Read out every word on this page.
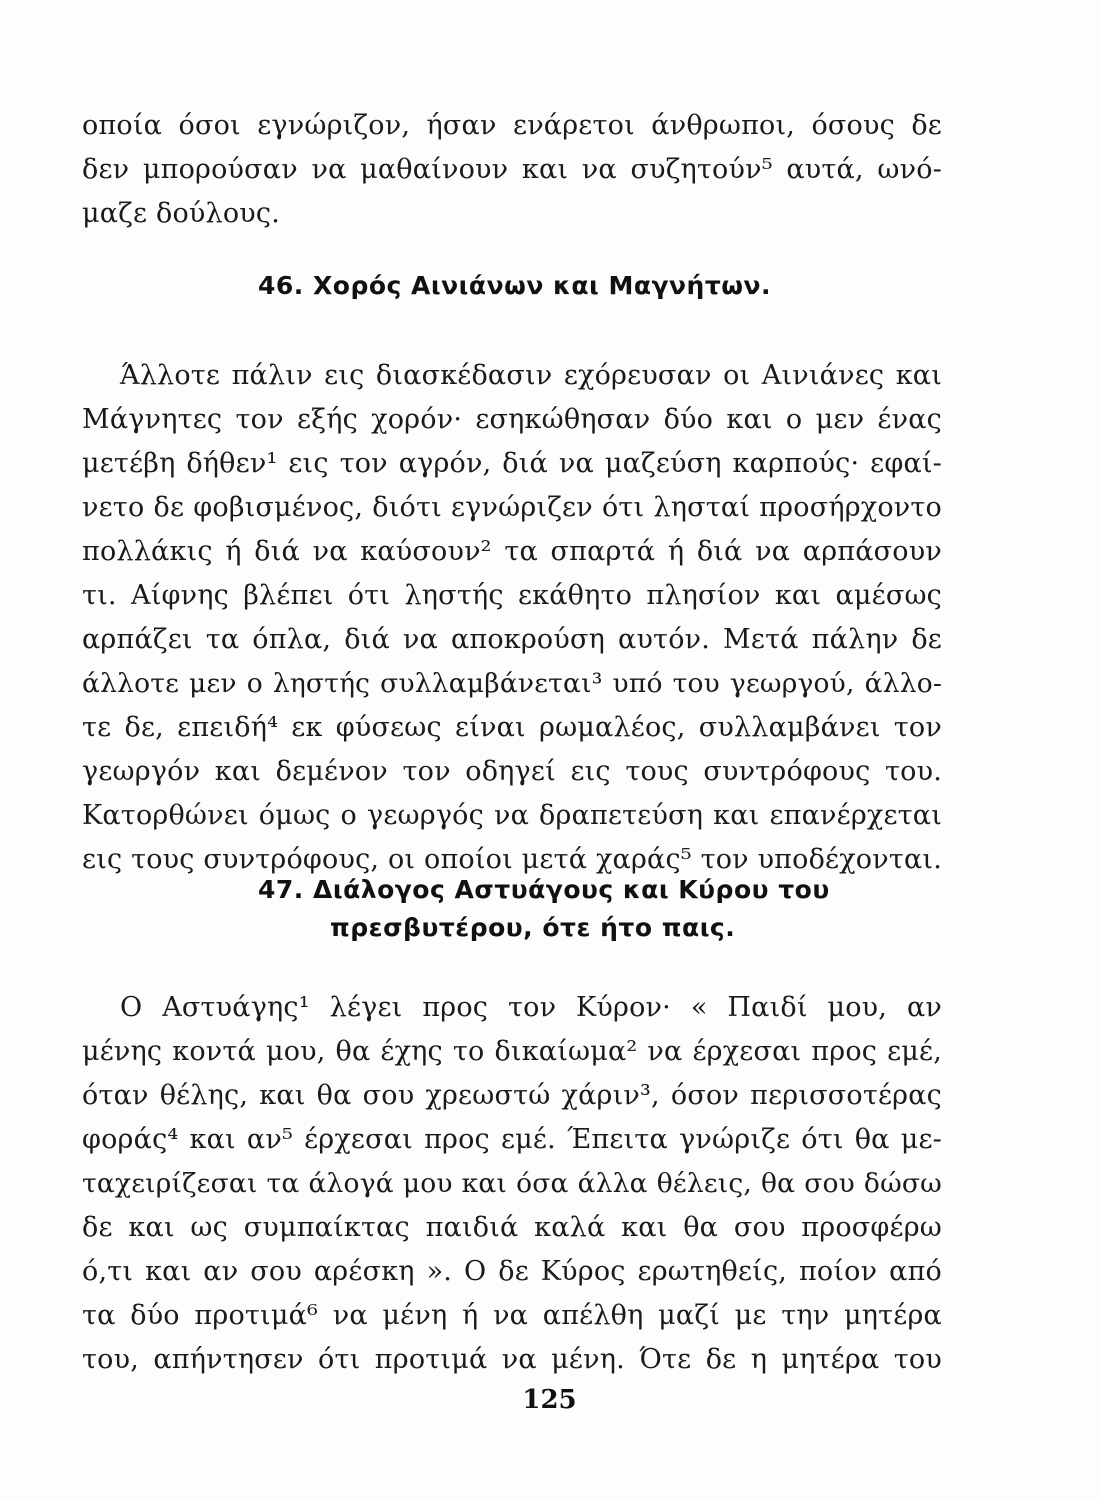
οποία όσοι εγνώριζον, ήσαν ενάρετοι άνθρωποι, όσους δε
δεν μπορούσαν να μαθαίνουν και να συζητούν⁵ αυτά, ωνό-
μαζε δούλους.
46. Χορός Αινιάνων και Μαγνήτων.
Άλλοτε πάλιν εις διασκέδασιν εχόρευσαν οι Αινιάνες και
Μάγνητες τον εξής χορόν· εσηκώθησαν δύο και ο μεν ένας
μετέβη δήθεν¹ εις τον αγρόν, διά να μαζεύση καρπούς· εφαί-
νετο δε φοβισμένος, διότι εγνώριζεν ότι λησταί προσήρχοντο
πολλάκις ή διά να καύσουν² τα σπαρτά ή διά να αρπάσουν
τι. Αίφνης βλέπει ότι ληστής εκάθητο πλησίον και αμέσως
αρπάζει τα όπλα, διά να αποκρούση αυτόν. Μετά πάλην δε
άλλοτε μεν ο ληστής συλλαμβάνεται³ υπό του γεωργού, άλλο-
τε δε, επειδή⁴ εκ φύσεως είναι ρωμαλέος, συλλαμβάνει τον
γεωργόν και δεμένον τον οδηγεί εις τους συντρόφους του.
Κατορθώνει όμως ο γεωργός να δραπετεύση και επανέρχεται
εις τους συντρόφους, οι οποίοι μετά χαράς⁵ τον υποδέχονται.
47. Διάλογος Αστυάγους και Κύρου του
πρεσβυτέρου, ότε ήτο παις.
Ο Αστυάγης¹ λέγει προς τον Κύρον· « Παιδί μου, αν
μένης κοντά μου, θα έχης το δικαίωμα² να έρχεσαι προς εμέ,
όταν θέλης, και θα σου χρεωστώ χάριν³, όσον περισσοτέρας
φοράς⁴ και αν⁵ έρχεσαι προς εμέ. Έπειτα γνώριζε ότι θα με-
ταχειρίζεσαι τα άλογά μου και όσα άλλα θέλεις, θα σου δώσω
δε και ως συμπαίκτας παιδιά καλά και θα σου προσφέρω
ό,τι και αν σου αρέσκη ». Ο δε Κύρος ερωτηθείς, ποίον από
τα δύο προτιμά⁶ να μένη ή να απέλθη μαζί με την μητέρα
του, απήντησεν ότι προτιμά να μένη. Ότε δε η μητέρα του
125
